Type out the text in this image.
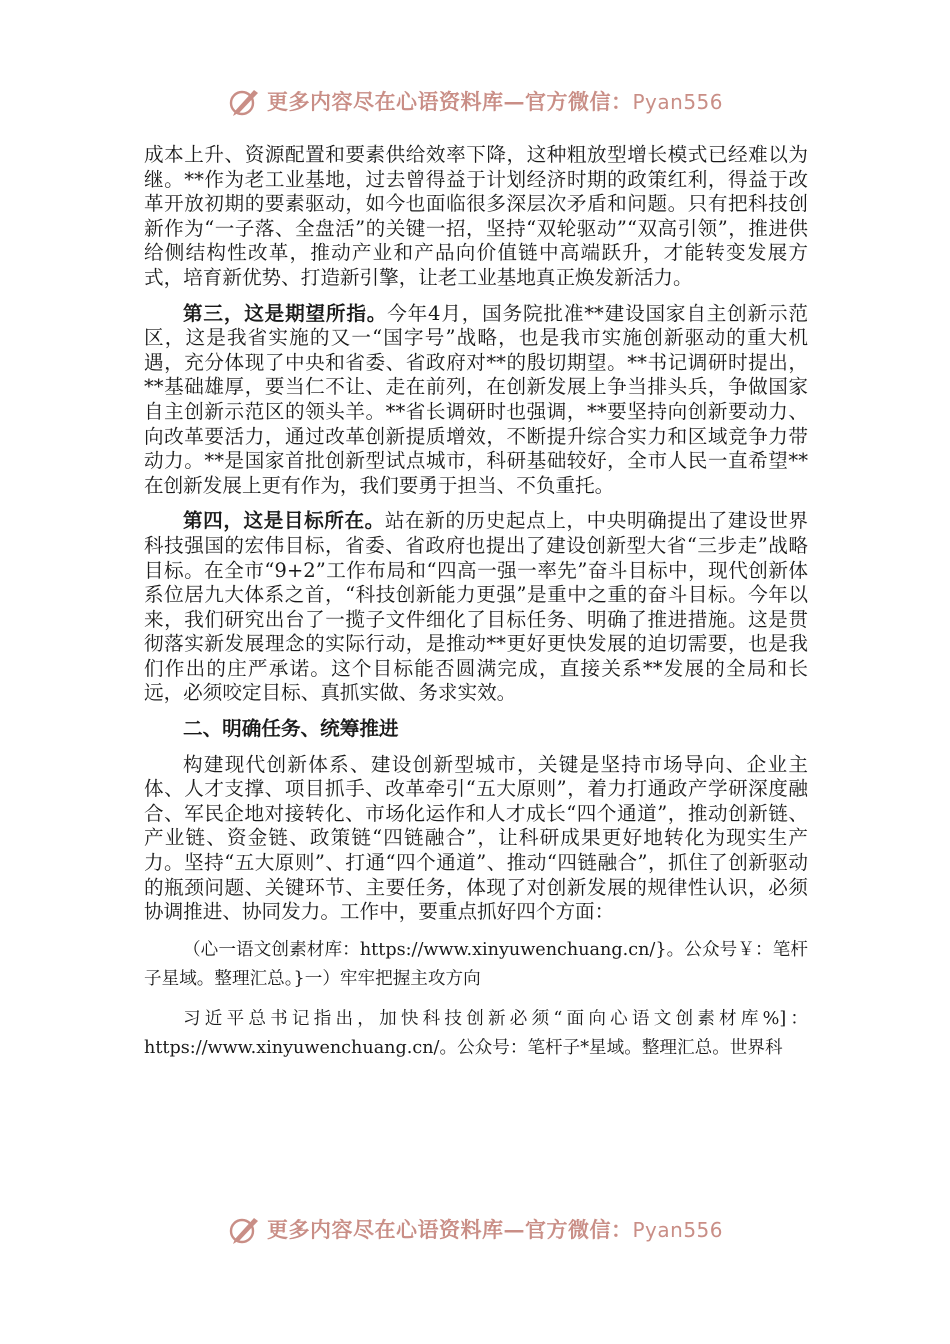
更多内容尽在心语资料库—官方微信：Pyan556

成本上升、资源配置和要素供给效率下降，这种粗放型增长模式已经难以为继。**作为老工业基地，过去曾得益于计划经济时期的政策红利，得益于改革开放初期的要素驱动，如今也面临很多深层次矛盾和问题。只有把科技创新作为“一子落、全盘活”的关键一招，坚持“双轮驱动”“双高引领”，推进供给侧结构性改革，推动产业和产品向价值链中高端跃升，才能转变发展方式，培育新优势、打造新引擎，让老工业基地真正焕发新活力。

第三，这是期望所指。今年4月，国务院批准**建设国家自主创新示范区，这是我省实施的又一“国字号”战略，也是我市实施创新驱动的重大机遇，充分体现了中央和省委、省政府对**的殷切期望。**书记调研时提出，**基础雄厚，要当仁不让、走在前列，在创新发展上争当排头兵，争做国家自主创新示范区的领头羊。**省长调研时也强调，**要坚持向创新要动力、向改革要活力，通过改革创新提质增效，不断提升综合实力和区域竞争力带动力。**是国家首批创新型试点城市，科研基础较好，全市人民一直希望**在创新发展上更有作为，我们要勇于担当、不负重托。

第四，这是目标所在。站在新的历史起点上，中央明确提出了建设世界科技强国的宏伟目标，省委、省政府也提出了建设创新型大省“三步走”战略目标。在全市“9+2”工作布局和“四高一强一率先”奋斗目标中，现代创新体系位居九大体系之首，“科技创新能力更强”是重中之重的奋斗目标。今年以来，我们研究出台了一揽子文件细化了目标任务、明确了推进措施。这是贯彻落实新发展理念的实际行动，是推动**更好更快发展的迫切需要，也是我们作出的庄严承诺。这个目标能否圆满完成，直接关系**发展的全局和长远，必须咬定目标、真抓实做、务求实效。

二、明确任务、统筹推进

构建现代创新体系、建设创新型城市，关键是坚持市场导向、企业主体、人才支撑、项目抓手、改革牵引“五大原则”，着力打通政产学研深度融合、军民企地对接转化、市场化运作和人才成长“四个通道”，推动创新链、产业链、资金链、政策链“四链融合”，让科研成果更好地转化为现实生产力。坚持“五大原则”、打通“四个通道”、推动“四链融合”，抓住了创新驱动的瓶颈问题、关键环节、主要任务，体现了对创新发展的规律性认识，必须协调推进、协同发力。工作中，要重点抓好四个方面：

（心一语文创素材库：https://www.xinyuwenchuang.cn/}。公众号￥：笔杆子星域。整理汇总。}一）牢牢把握主攻方向

习近平总书记指出，加快科技创新必须“面向心语文创素材库%]：https://www.xinyuwenchuang.cn/。公众号：笔杆子*星域。整理汇总。世界科

更多内容尽在心语资料库—官方微信：Pyan556
